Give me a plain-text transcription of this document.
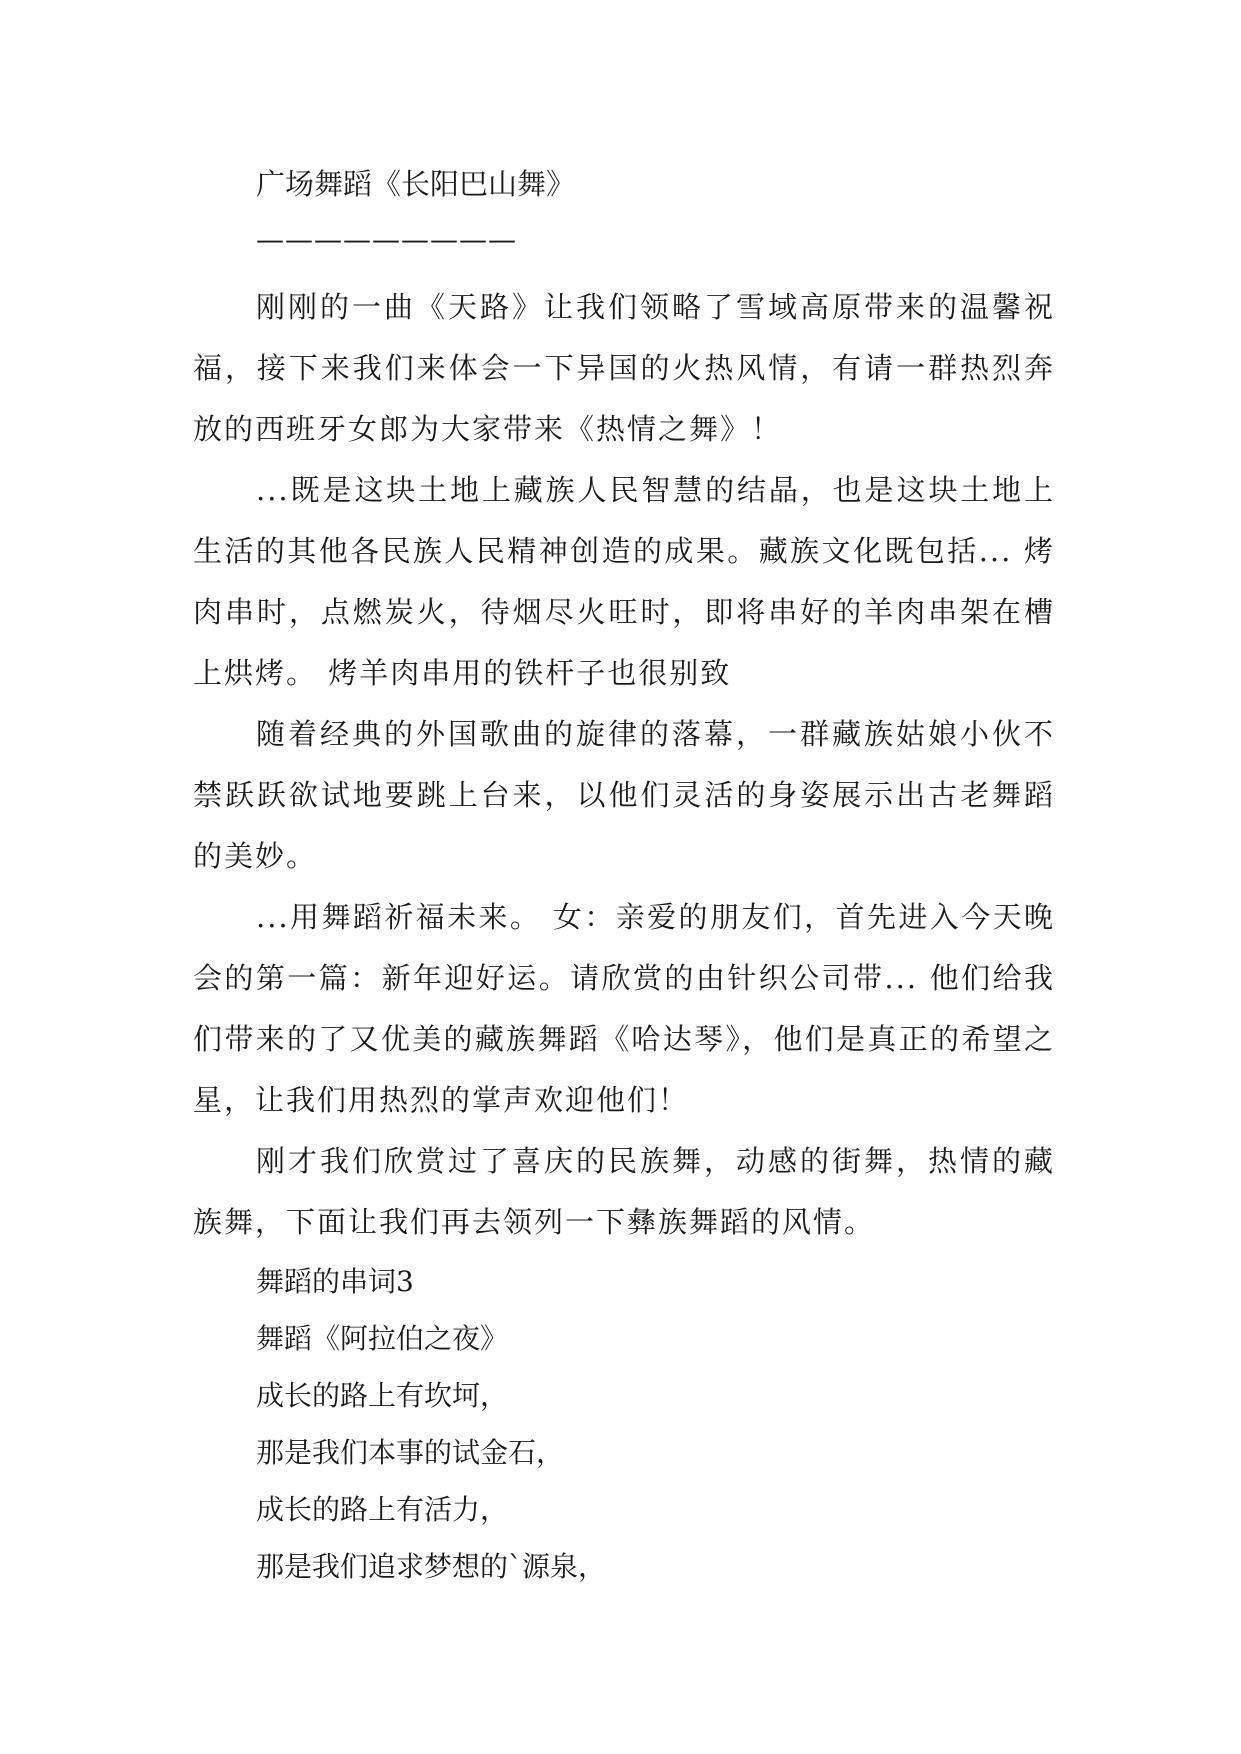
广场舞蹈《长阳巴山舞》
—————————

刚刚的一曲《天路》让我们领略了雪域高原带来的温馨祝福，接下来我们来体会一下异国的火热风情，有请一群热烈奔放的西班牙女郎为大家带来《热情之舞》！

...既是这块土地上藏族人民智慧的结晶，也是这块土地上生活的其他各民族人民精神创造的成果。藏族文化既包括... 烤肉串时，点燃炭火，待烟尽火旺时，即将串好的羊肉串架在槽上烘烤。 烤羊肉串用的铁杆子也很别致

随着经典的外国歌曲的旋律的落幕，一群藏族姑娘小伙不禁跃跃欲试地要跳上台来，以他们灵活的身姿展示出古老舞蹈的美妙。

...用舞蹈祈福未来。 女：亲爱的朋友们，首先进入今天晚会的第一篇：新年迎好运。请欣赏的由针织公司带... 他们给我们带来的了又优美的藏族舞蹈《哈达琴》，他们是真正的希望之星，让我们用热烈的掌声欢迎他们！

刚才我们欣赏过了喜庆的民族舞，动感的街舞，热情的藏族舞，下面让我们再去领列一下彝族舞蹈的风情。

舞蹈的串词3
舞蹈《阿拉伯之夜》
成长的路上有坎坷，
那是我们本事的试金石，
成长的路上有活力，
那是我们追求梦想的`源泉，
